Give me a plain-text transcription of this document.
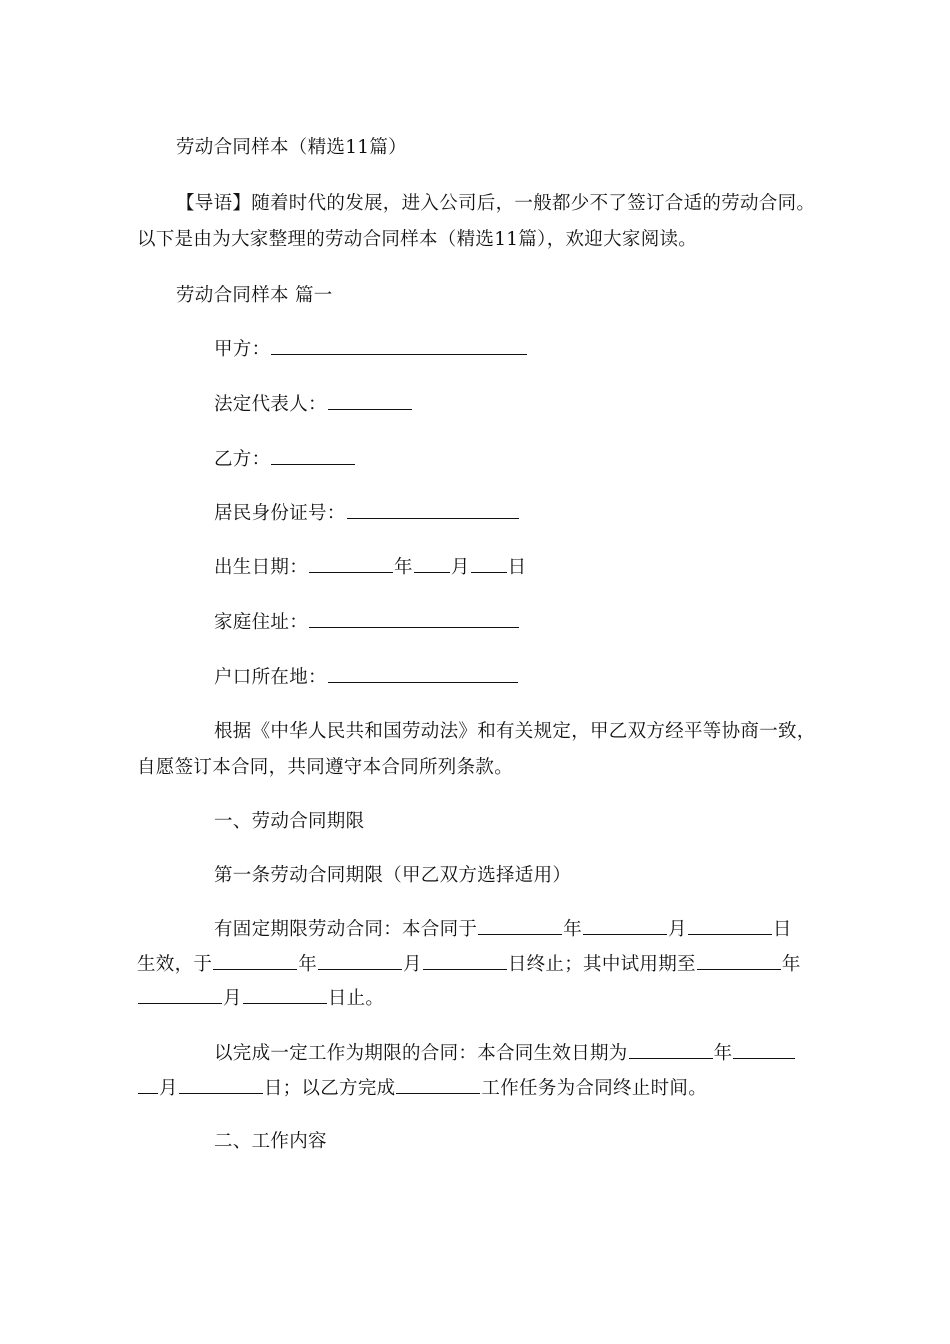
劳动合同样本（精选11篇）
【导语】随着时代的发展，进入公司后，一般都少不了签订合适的劳动合同。
以下是由为大家整理的劳动合同样本（精选11篇），欢迎大家阅读。
劳动合同样本 篇一
甲方：
法定代表人：
乙方：
居民身份证号：
出生日期：	年 月 日
家庭住址：
户口所在地：
根据《中华人民共和国劳动法》和有关规定，甲乙双方经平等协商一致，
自愿签订本合同，共同遵守本合同所列条款。
一、劳动合同期限
第一条劳动合同期限（甲乙双方选择适用）
有固定期限劳动合同：本合同于	年	月	日
生效，于	年	月	日终止；其中试用期至	年
月	日止。
以完成一定工作为期限的合同：本合同生效日期为	年
月	日；以乙方完成	工作任务为合同终止时间。
二、工作内容
